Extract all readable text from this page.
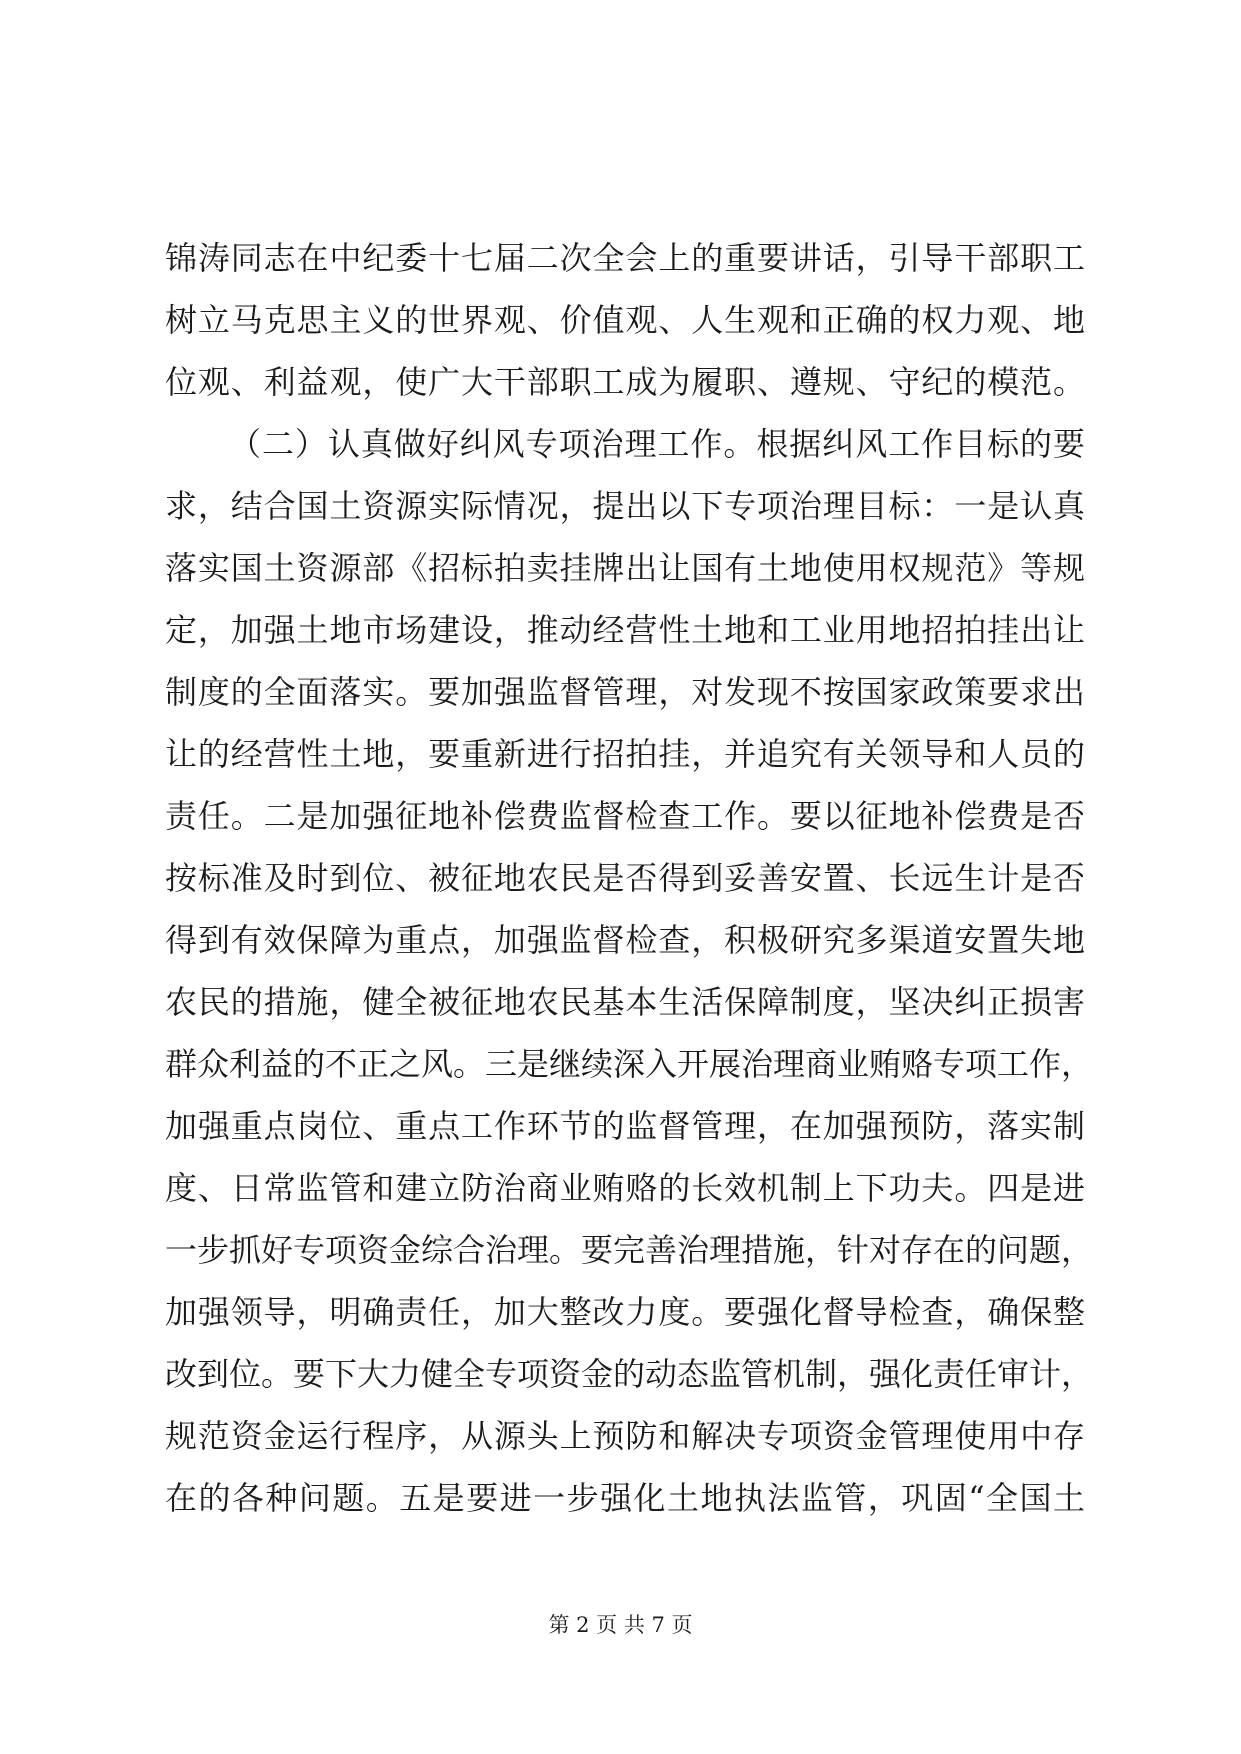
锦涛同志在中纪委十七届二次全会上的重要讲话，引导干部职工
树立马克思主义的世界观、价值观、人生观和正确的权力观、地
位观、利益观，使广大干部职工成为履职、遵规、守纪的模范。
（二）认真做好纠风专项治理工作。根据纠风工作目标的要
求，结合国土资源实际情况，提出以下专项治理目标：一是认真
落实国土资源部《招标拍卖挂牌出让国有土地使用权规范》等规
定，加强土地市场建设，推动经营性土地和工业用地招拍挂出让
制度的全面落实。要加强监督管理，对发现不按国家政策要求出
让的经营性土地，要重新进行招拍挂，并追究有关领导和人员的
责任。二是加强征地补偿费监督检查工作。要以征地补偿费是否
按标准及时到位、被征地农民是否得到妥善安置、长远生计是否
得到有效保障为重点，加强监督检查，积极研究多渠道安置失地
农民的措施，健全被征地农民基本生活保障制度，坚决纠正损害
群众利益的不正之风。三是继续深入开展治理商业贿赂专项工作，
加强重点岗位、重点工作环节的监督管理，在加强预防，落实制
度、日常监管和建立防治商业贿赂的长效机制上下功夫。四是进
一步抓好专项资金综合治理。要完善治理措施，针对存在的问题，
加强领导，明确责任，加大整改力度。要强化督导检查，确保整
改到位。要下大力健全专项资金的动态监管机制，强化责任审计，
规范资金运行程序，从源头上预防和解决专项资金管理使用中存
在的各种问题。五是要进一步强化土地执法监管，巩固“全国土
第 2 页 共 7 页
